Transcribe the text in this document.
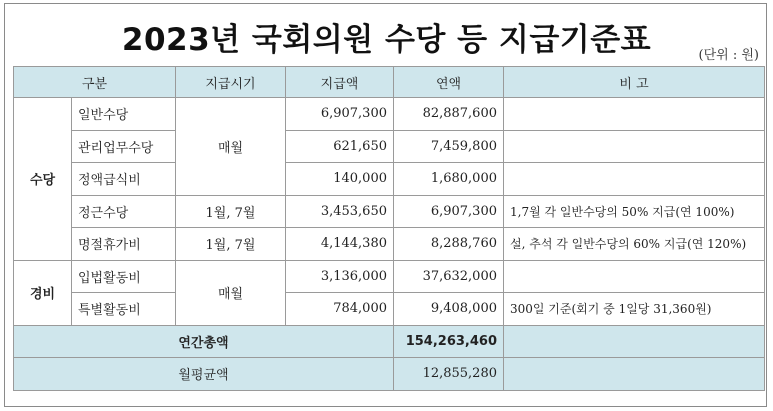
2023년 국회의원 수당 등 지급기준표	(단위 : 원)
구분		지급시기	지급액	연액	비 고
수당	일반수당	매월	6,907,300	82,887,600	
	관리업무수당		621,650	7,459,800	
	정액급식비		140,000	1,680,000	
	정근수당	1월, 7월	3,453,650	6,907,300	1,7월 각 일반수당의 50% 지급(연 100%)
	명절휴가비	1월, 7월	4,144,380	8,288,760	설, 추석 각 일반수당의 60% 지급(연 120%)
경비	입법활동비	매월	3,136,000	37,632,000	
	특별활동비		784,000	9,408,000	300일 기준(회기 중 1일당 31,360원)
연간총액				154,263,460	
월평균액				12,855,280	
